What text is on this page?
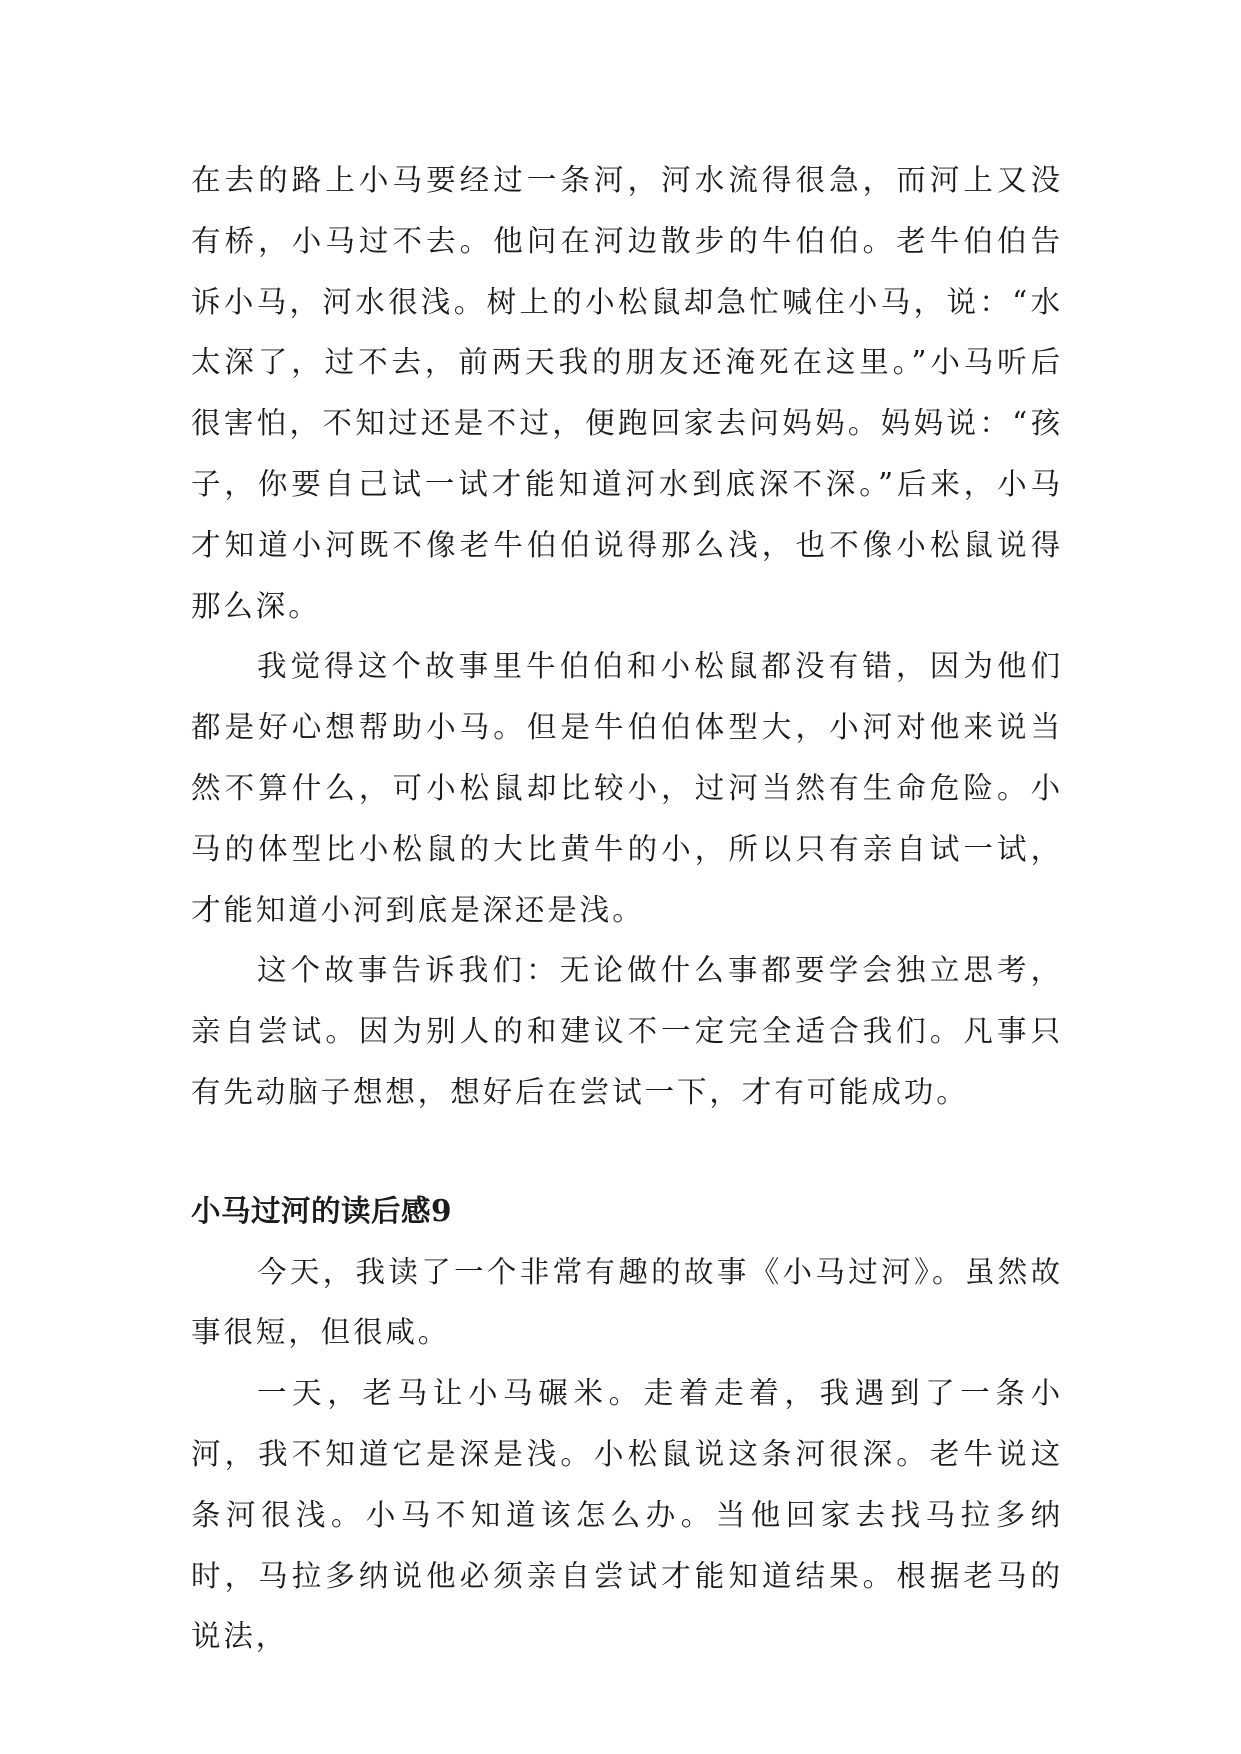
在去的路上小马要经过一条河，河水流得很急，而河上又没有桥，小马过不去。他问在河边散步的牛伯伯。老牛伯伯告诉小马，河水很浅。树上的小松鼠却急忙喊住小马，说：“水太深了，过不去，前两天我的朋友还淹死在这里。”小马听后很害怕，不知过还是不过，便跑回家去问妈妈。妈妈说：“孩子，你要自己试一试才能知道河水到底深不深。”后来，小马才知道小河既不像老牛伯伯说得那么浅，也不像小松鼠说得那么深。

我觉得这个故事里牛伯伯和小松鼠都没有错，因为他们都是好心想帮助小马。但是牛伯伯体型大，小河对他来说当然不算什么，可小松鼠却比较小，过河当然有生命危险。小马的体型比小松鼠的大比黄牛的小，所以只有亲自试一试，才能知道小河到底是深还是浅。

这个故事告诉我们：无论做什么事都要学会独立思考，亲自尝试。因为别人的和建议不一定完全适合我们。凡事只有先动脑子想想，想好后在尝试一下，才有可能成功。

小马过河的读后感9

今天，我读了一个非常有趣的故事《小马过河》。虽然故事很短，但很咸。

一天，老马让小马碾米。走着走着，我遇到了一条小河，我不知道它是深是浅。小松鼠说这条河很深。老牛说这条河很浅。小马不知道该怎么办。当他回家去找马拉多纳时，马拉多纳说他必须亲自尝试才能知道结果。根据老马的说法，
